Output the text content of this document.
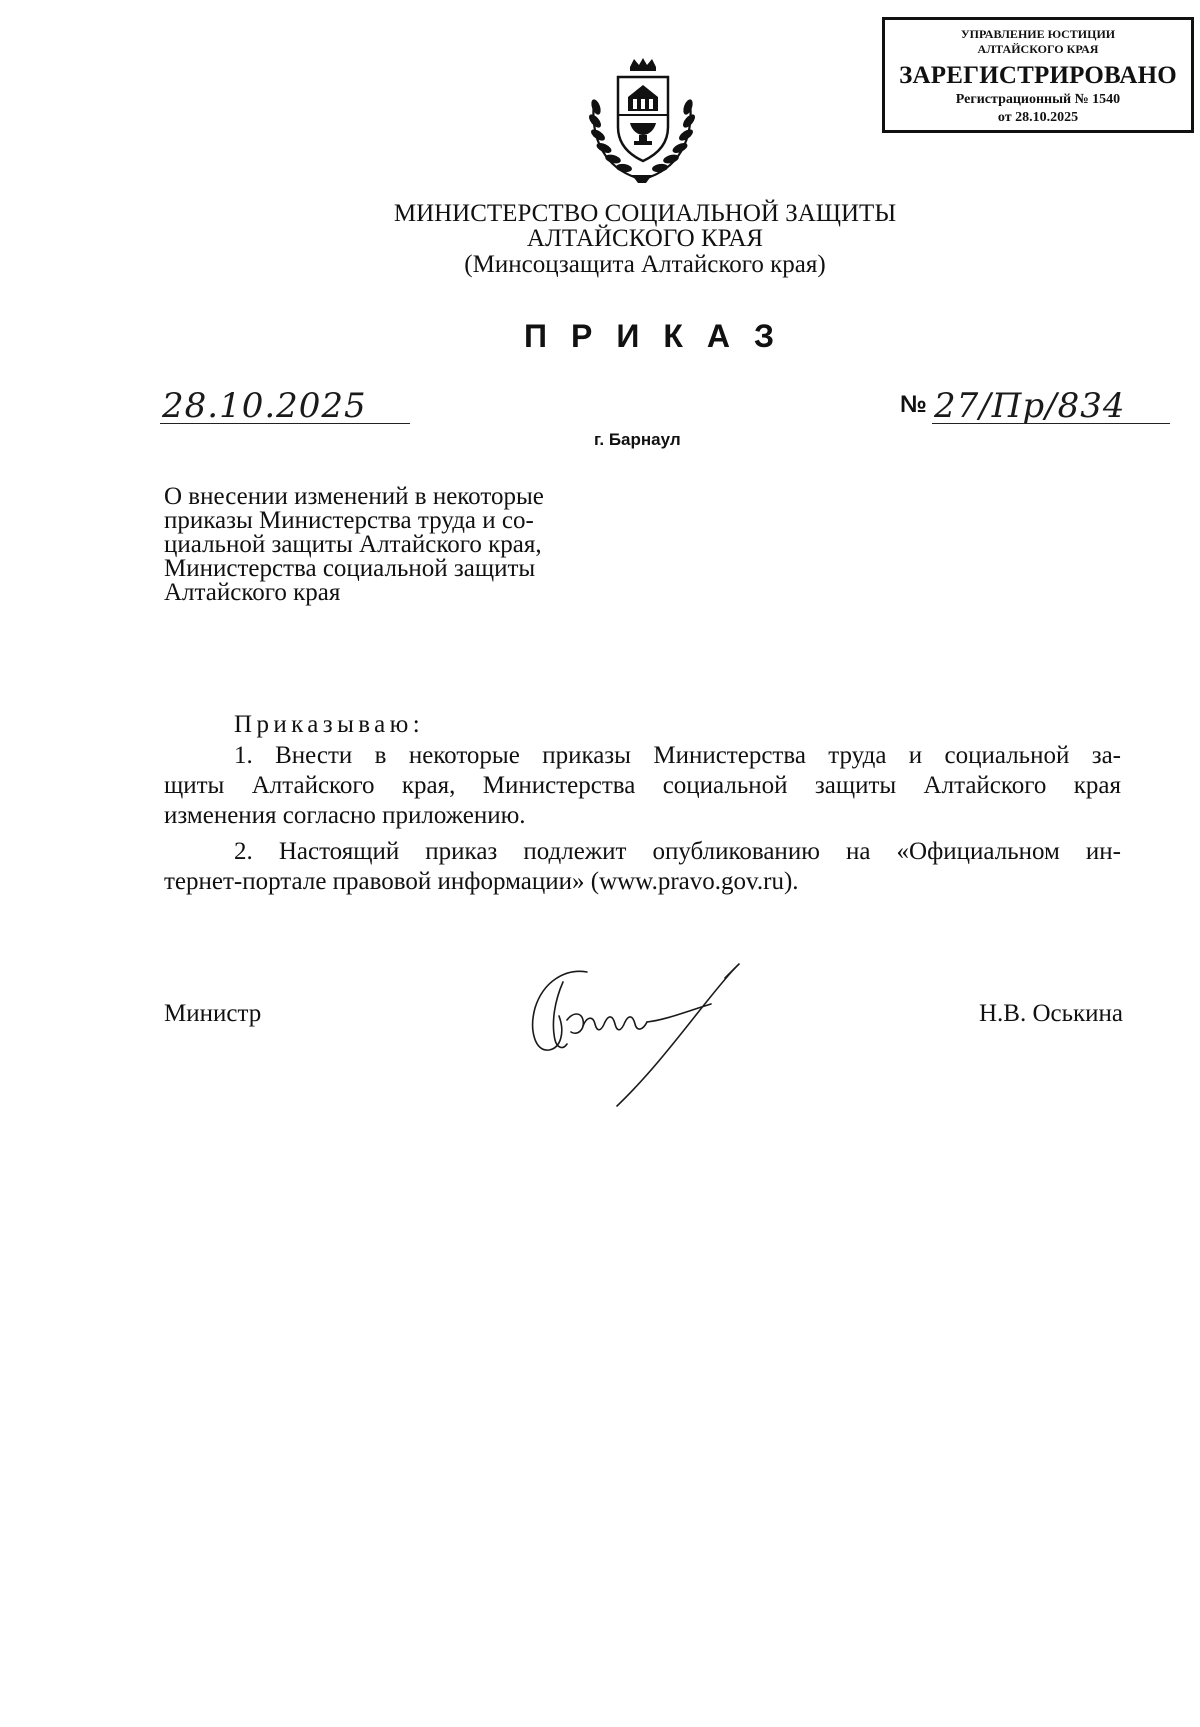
УПРАВЛЕНИЕ ЮСТИЦИИ
АЛТАЙСКОГО КРАЯ
ЗАРЕГИСТРИРОВАНО
Регистрационный № 1540
от 28.10.2025
МИНИСТЕРСТВО СОЦИАЛЬНОЙ ЗАЩИТЫ
АЛТАЙСКОГО КРАЯ
(Минсоцзащита Алтайского края)
ПРИКАЗ
28.10.2025	№ 27/Пр/834
г. Барнаул
О внесении изменений в некоторые
приказы Министерства труда и со-
циальной защиты Алтайского края,
Министерства социальной защиты
Алтайского края
Приказываю:
1. Внести в некоторые приказы Министерства труда и социальной за-
щиты Алтайского края, Министерства социальной защиты Алтайского края
изменения согласно приложению.
2. Настоящий приказ подлежит опубликованию на «Официальном ин-
тернет-портале правовой информации» (www.pravo.gov.ru).
Министр	Н.В. Оськина
